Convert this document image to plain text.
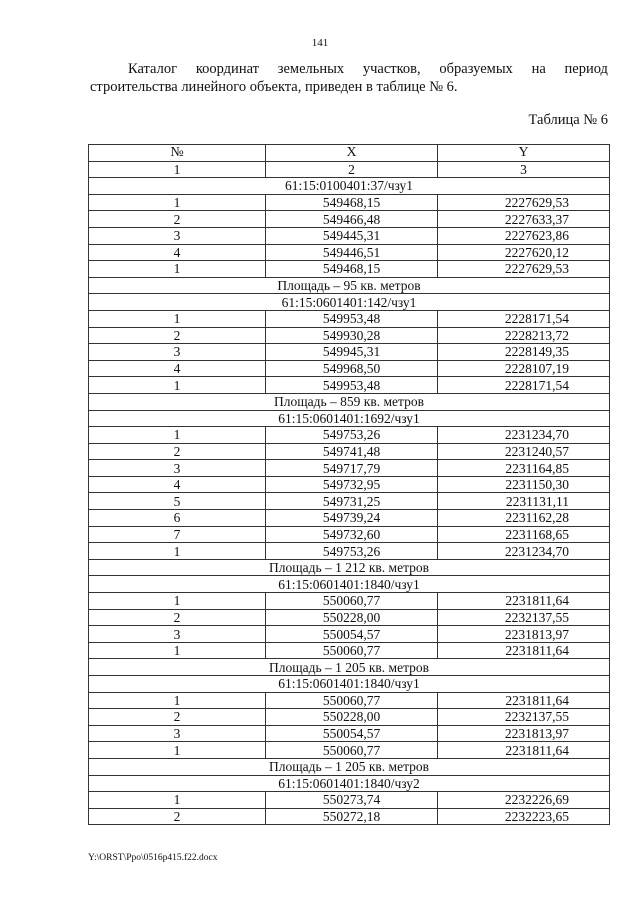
141
Каталог координат земельных участков, образуемых на период
строительства линейного объекта, приведен в таблице № 6.
Таблица № 6
№	X	Y
1	2	3
61:15:0100401:37/чзу1		
1	549468,15	2227629,53
2	549466,48	2227633,37
3	549445,31	2227623,86
4	549446,51	2227620,12
1	549468,15	2227629,53
Площадь – 95 кв. метров		
61:15:0601401:142/чзу1		
1	549953,48	2228171,54
2	549930,28	2228213,72
3	549945,31	2228149,35
4	549968,50	2228107,19
1	549953,48	2228171,54
Площадь – 859 кв. метров		
61:15:0601401:1692/чзу1		
1	549753,26	2231234,70
2	549741,48	2231240,57
3	549717,79	2231164,85
4	549732,95	2231150,30
5	549731,25	2231131,11
6	549739,24	2231162,28
7	549732,60	2231168,65
1	549753,26	2231234,70
Площадь – 1 212 кв. метров		
61:15:0601401:1840/чзу1		
1	550060,77	2231811,64
2	550228,00	2232137,55
3	550054,57	2231813,97
1	550060,77	2231811,64
Площадь – 1 205 кв. метров		
61:15:0601401:1840/чзу1		
1	550060,77	2231811,64
2	550228,00	2232137,55
3	550054,57	2231813,97
1	550060,77	2231811,64
Площадь – 1 205 кв. метров		
61:15:0601401:1840/чзу2		
1	550273,74	2232226,69
2	550272,18	2232223,65
Y:\ORST\Ppo\0516p415.f22.docx
